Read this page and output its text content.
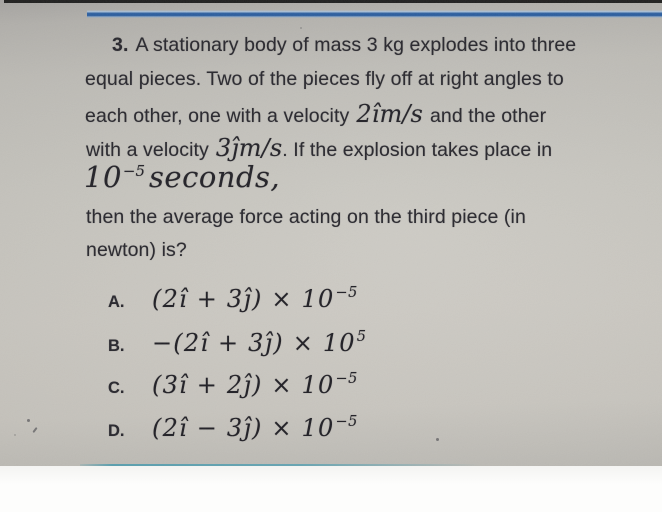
3. A stationary body of mass 3 kg explodes into three
equal pieces. Two of the pieces fly off at right angles to
each other, one with a velocity 2îm/s and the other
with a velocity 3ĵm/s. If the explosion takes place in
10−5 seconds,
then the average force acting on the third piece (in
newton) is?
A.	(2î + 3ĵ) × 10−5
B.	−(2î + 3ĵ) × 105
C.	(3î + 2ĵ) × 10−5
D.	(2î − 3ĵ) × 10−5
